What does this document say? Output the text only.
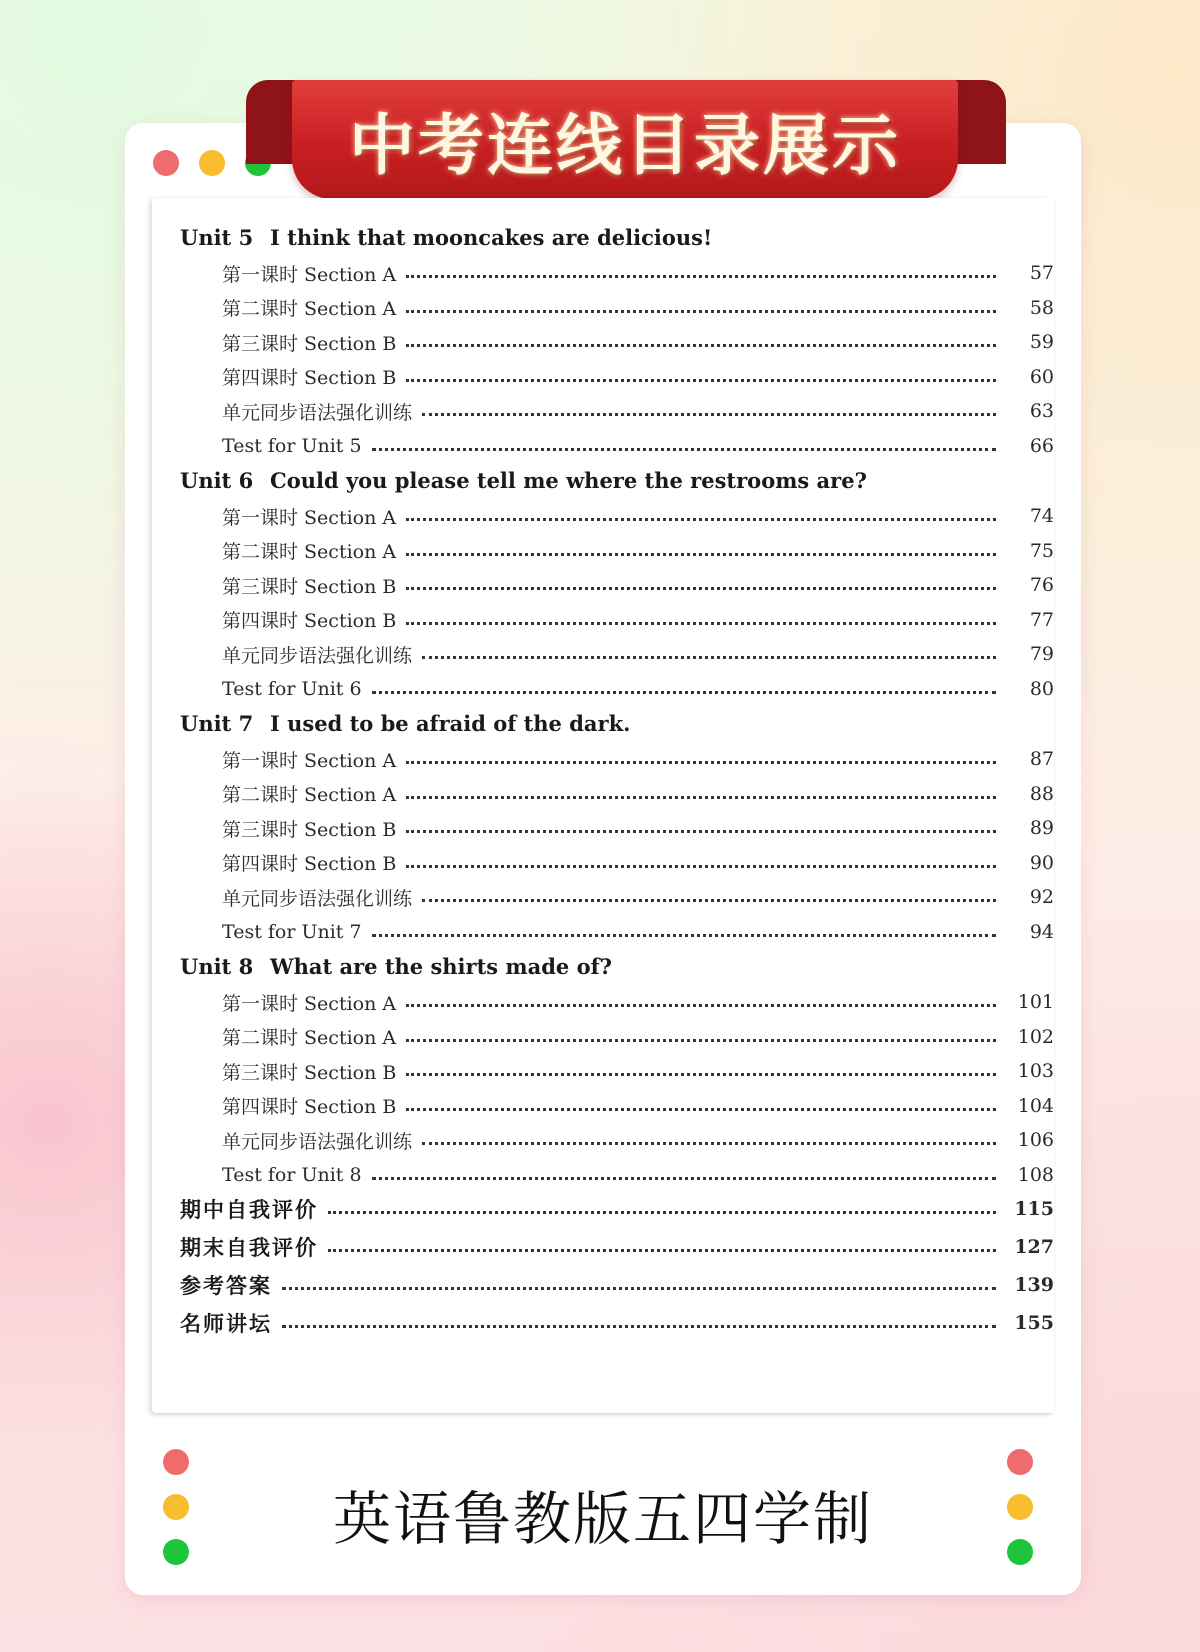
中考连线目录展示
Unit 5 I think that mooncakes are delicious!
第一课时 Section A	57
第二课时 Section A	58
第三课时 Section B	59
第四课时 Section B	60
单元同步语法强化训练	63
Test for Unit 5	66
Unit 6 Could you please tell me where the restrooms are?
第一课时 Section A	74
第二课时 Section A	75
第三课时 Section B	76
第四课时 Section B	77
单元同步语法强化训练	79
Test for Unit 6	80
Unit 7 I used to be afraid of the dark.
第一课时 Section A	87
第二课时 Section A	88
第三课时 Section B	89
第四课时 Section B	90
单元同步语法强化训练	92
Test for Unit 7	94
Unit 8 What are the shirts made of?
第一课时 Section A	101
第二课时 Section A	102
第三课时 Section B	103
第四课时 Section B	104
单元同步语法强化训练	106
Test for Unit 8	108
期中自我评价	115
期末自我评价	127
参考答案	139
名师讲坛	155
英语鲁教版五四学制
